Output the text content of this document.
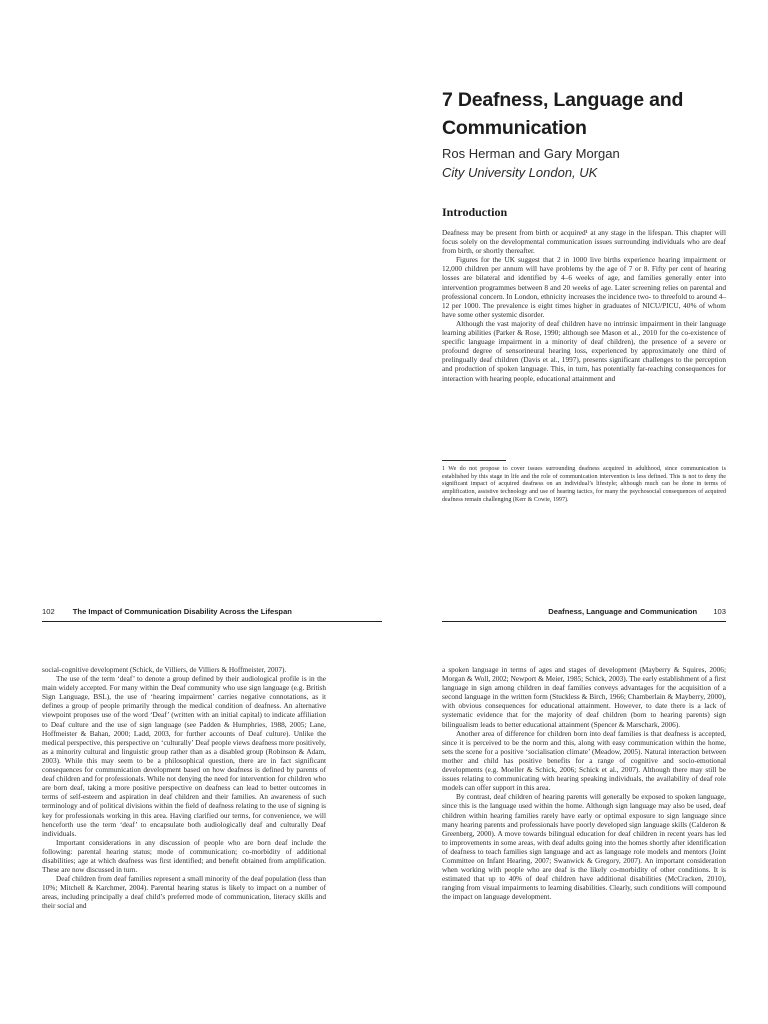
7 Deafness, Language and Communication
Ros Herman and Gary Morgan
City University London, UK
Introduction

Deafness may be present from birth or acquired¹ at any stage in the lifespan. This chapter will focus solely on the developmental communication issues surrounding individuals who are deaf from birth, or shortly thereafter.

Figures for the UK suggest that 2 in 1000 live births experience hearing impairment or 12,000 children per annum will have problems by the age of 7 or 8. Fifty per cent of hearing losses are bilateral and identified by 4–6 weeks of age, and families generally enter into intervention programmes between 8 and 20 weeks of age. Later screening relies on parental and professional concern. In London, ethnicity increases the incidence two- to threefold to around 4–12 per 1000. The prevalence is eight times higher in graduates of NICU/PICU, 40% of whom have some other systemic disorder.

Although the vast majority of deaf children have no intrinsic impairment in their language learning abilities (Parker & Rose, 1990; although see Mason et al., 2010 for the co-existence of specific language impairment in a minority of deaf children), the presence of a severe or profound degree of sensorineural hearing loss, experienced by approximately one third of prelingually deaf children (Davis et al., 1997), presents significant challenges to the perception and production of spoken language. This, in turn, has potentially far-reaching consequences for interaction with hearing people, educational attainment and

1 We do not propose to cover issues surrounding deafness acquired in adulthood, since communication is established by this stage in life and the role of communication intervention is less defined. This is not to deny the significant impact of acquired deafness on an individual’s lifestyle; although much can be done in terms of amplification, assistive technology and use of hearing tactics, for many the psychosocial consequences of acquired deafness remain challenging (Kerr & Cowie, 1997).
102 The Impact of Communication Disability Across the Lifespan	Deafness, Language and Communication 103

social-cognitive development (Schick, de Villiers, de Villiers & Hoffmeister, 2007).

The use of the term ‘deaf’ to denote a group defined by their audiological profile is in the main widely accepted. For many within the Deaf community who use sign language (e.g. British Sign Language, BSL), the use of ‘hearing impairment’ carries negative connotations, as it defines a group of people primarily through the medical condition of deafness. An alternative viewpoint proposes use of the word ‘Deaf’ (written with an initial capital) to indicate affiliation to Deaf culture and the use of sign language (see Padden & Humphries, 1988, 2005; Lane, Hoffmeister & Bahan, 2000; Ladd, 2003, for further accounts of Deaf culture). Unlike the medical perspective, this perspective on ‘culturally’ Deaf people views deafness more positively, as a minority cultural and linguistic group rather than as a disabled group (Robinson & Adam, 2003). While this may seem to be a philosophical question, there are in fact significant consequences for communication development based on how deafness is defined by parents of deaf children and for professionals. While not denying the need for intervention for children who are born deaf, taking a more positive perspective on deafness can lead to better outcomes in terms of self-esteem and aspiration in deaf children and their families. An awareness of such terminology and of political divisions within the field of deafness relating to the use of signing is key for professionals working in this area. Having clarified our terms, for convenience, we will henceforth use the term ‘deaf’ to encapsulate both audiologically deaf and culturally Deaf individuals.

Important considerations in any discussion of people who are born deaf include the following: parental hearing status; mode of communication; co-morbidity of additional disabilities; age at which deafness was first identified; and benefit obtained from amplification. These are now discussed in turn.

Deaf children from deaf families represent a small minority of the deaf population (less than 10%; Mitchell & Karchmer, 2004). Parental hearing status is likely to impact on a number of areas, including principally a deaf child’s preferred mode of communication, literacy skills and their social and

a spoken language in terms of ages and stages of development (Mayberry & Squires, 2006; Morgan & Woll, 2002; Newport & Meier, 1985; Schick, 2003). The early establishment of a first language in sign among children in deaf families conveys advantages for the acquisition of a second language in the written form (Stuckless & Birch, 1966; Chamberlain & Mayberry, 2000), with obvious consequences for educational attainment. However, to date there is a lack of systematic evidence that for the majority of deaf children (born to hearing parents) sign bilingualism leads to better educational attainment (Spencer & Marschark, 2006).

Another area of difference for children born into deaf families is that deafness is accepted, since it is perceived to be the norm and this, along with easy communication within the home, sets the scene for a positive ‘socialisation climate’ (Meadow, 2005). Natural interaction between mother and child has positive benefits for a range of cognitive and socio-emotional developments (e.g. Moeller & Schick, 2006; Schick et al., 2007). Although there may still be issues relating to communicating with hearing speaking individuals, the availability of deaf role models can offer support in this area.

By contrast, deaf children of hearing parents will generally be exposed to spoken language, since this is the language used within the home. Although sign language may also be used, deaf children within hearing families rarely have early or optimal exposure to sign language since many hearing parents and professionals have poorly developed sign language skills (Calderon & Greenberg, 2000). A move towards bilingual education for deaf children in recent years has led to improvements in some areas, with deaf adults going into the homes shortly after identification of deafness to teach families sign language and act as language role models and mentors (Joint Committee on Infant Hearing, 2007; Swanwick & Gregory, 2007). An important consideration when working with people who are deaf is the likely co-morbidity of other conditions. It is estimated that up to 40% of deaf children have additional disabilities (McCracken, 2010), ranging from visual impairments to learning disabilities. Clearly, such conditions will compound the impact on language development.
